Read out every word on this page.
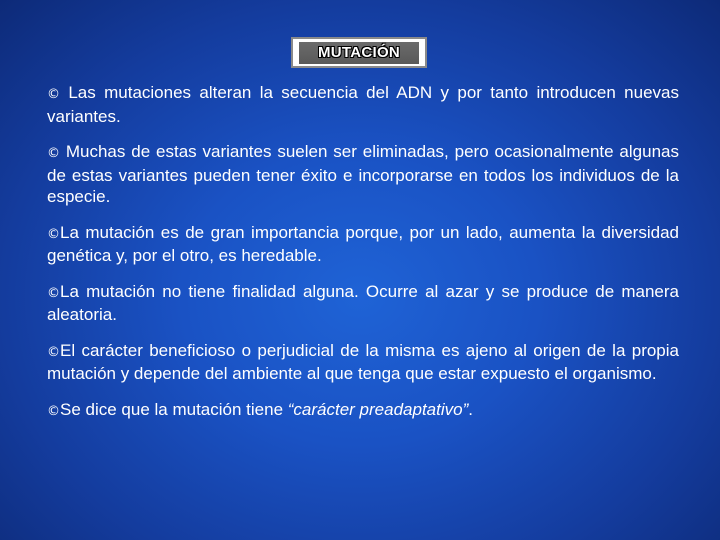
MUTACIÓN

© Las mutaciones alteran la secuencia del ADN y por tanto introducen nuevas variantes.

© Muchas de estas variantes suelen ser eliminadas, pero ocasionalmente algunas de estas variantes pueden tener éxito e incorporarse en todos los individuos de la especie.

©La mutación es de gran importancia porque, por un lado, aumenta la diversidad genética y, por el otro, es heredable.

©La mutación no tiene finalidad alguna. Ocurre al azar y se produce de manera aleatoria.

©El carácter beneficioso o perjudicial de la misma es ajeno al origen de la propia mutación y depende del ambiente al que tenga que estar expuesto el organismo.

©Se dice que la mutación tiene “carácter preadaptativo”.
